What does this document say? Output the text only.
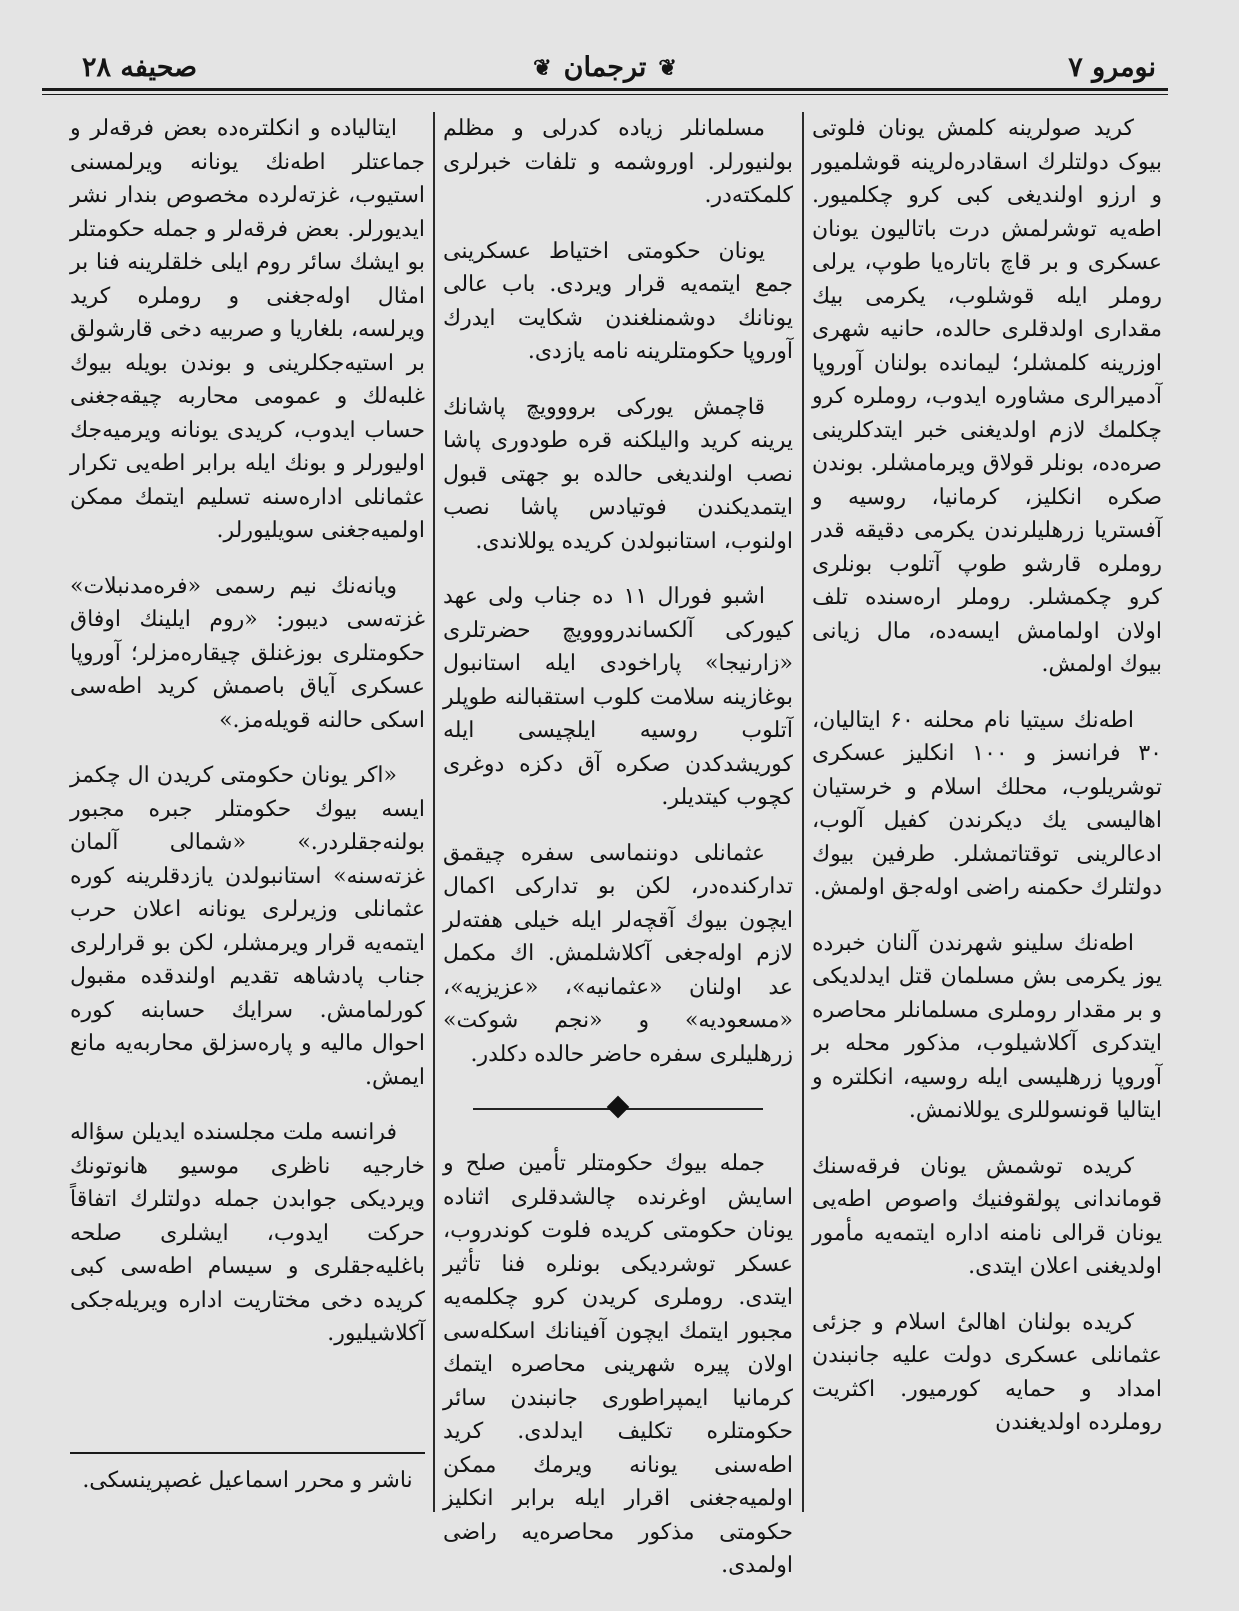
نومرو ۷
❦
ترجمان
❦
صحیفه ۲۸

کرید صولرینه کلمش یونان فلوتی بیوک دولتلرك اسقادره‌لرینه قوشلمیور و ارزو اولندیغی کبی کرو چکلمیور. اطه‌یه توشرلمش درت باتالیون یونان عسکری و بر قاچ باتاره‌یا طوپ، یرلی روملر ایله قوشلوب، یکرمی بیك مقداری اولدقلری حالده، حانیه شهری اوزرینه کلمشلر؛ لیمانده بولنان آوروپا آدمیرالری مشاوره ایدوب، روملره کرو چکلمك لازم اولدیغنی خبر ایتدکلرینی صره‌ده، بونلر قولاق ویرمامشلر. بوندن صکره انکلیز، کرمانیا، روسیه و آفستریا زرهلیلرندن یکرمی دقیقه قدر روملره قارشو طوپ آتلوب بونلری کرو چکمشلر. روملر اره‌سنده تلف اولان اولمامش ایسه‌ده، مال زیانی بیوك اولمش.

اطه‌نك سیتیا نام محلنه ۶۰ ایتالیان، ۳۰ فرانسز و ۱۰۰ انکلیز عسکری توشریلوب، محلك اسلام و خرستیان اهالیسی یك دیکرندن کفیل آلوب، ادعالرینی توقتاتمشلر. طرفین بیوك دولتلرك حکمنه راضی اوله‌جق اولمش.

اطه‌نك سلینو شهرندن آلنان خبرده یوز یکرمی بش مسلمان قتل ایدلدیکی و بر مقدار روملری مسلمانلر محاصره ایتدکری آکلاشیلوب، مذکور محله بر آوروپا زرهلیسی ایله روسیه، انکلتره و ایتالیا قونسوللری یوللانمش.

کریده توشمش یونان فرقه‌سنك قوماندانی پولقوفنیك واصوص اطه‌یی یونان قرالی نامنه اداره ایتمه‌یه مأمور اولدیغنی اعلان ایتدی.

کریده بولنان اهالیٔ اسلام و جزئی عثمانلی عسکری دولت علیه جانبندن امداد و حمایه کورمیور. اکثریت روملرده اولدیغندن

مسلمانلر زیاده کدرلی و مظلم بولنیورلر. اوروشمه و تلفات خبرلری کلمکته‌در.

یونان حکومتی اختیاط عسکرینی جمع ایتمه‌یه قرار ویردی. باب عالی یونانك دوشمنلغندن شکایت ایدرك آوروپا حکومتلرینه نامه یازدی.

قاچمش یورکی برووویچ پاشانك یرینه کرید والیلکنه قره طودوری پاشا نصب اولندیغی حالده بو جهتی قبول ایتمدیکندن فوتیادس پاشا نصب اولنوب، استانبولدن کریده یوللاندی.

اشبو فورال ۱۱ ده جناب ولی عهد کیورکی آلکساندرووویچ حضرتلری «زارنیجا» پاراخودی ایله استانبول بوغازینه سلامت کلوب استقبالنه طوپلر آتلوب روسیه ایلچیسی ایله کوریشدکدن صکره آق دکزه دوغری کچوب کیتدیلر.

عثمانلی دوننماسی سفره چیقمق تداركنده‌در، لکن بو تداركی اکمال ایچون بیوك آقچه‌لر ایله خیلی هفته‌لر لازم اوله‌جغی آکلاشلمش. اك مکمل عد اولنان «عثمانیه»، «عزیزیه»، «مسعودیه» و «نجم شوکت» زرهلیلری سفره حاضر حالده دکلدر.

جمله بیوك حکومتلر تأمین صلح و اسایش اوغرنده چالشدقلری اثناده یونان حکومتی کریده فلوت کوندروب، عسکر توشردیکی بونلره فنا تأثیر ایتدی. روملری کریدن کرو چکلمه‌یه مجبور ایتمك ایچون آفینانك اسکله‌سی اولان پیره شهرینی محاصره ایتمك کرمانیا ایمپراطوری جانبندن سائر حکومتلره تکلیف ایدلدی. کرید اطه‌سنی یونانه ویرمك ممکن اولمیه‌جغنی اقرار ایله برابر انکلیز حکومتی مذکور محاصره‌یه راضی اولمدی.

ایتالیاده و انکلتره‌ده بعض فرقه‌لر و جماعتلر اطه‌نك یونانه ویرلمسنی استیوب، غزته‌لرده مخصوص بندار نشر ایدیورلر. بعض فرقه‌لر و جمله حکومتلر بو ایشك سائر روم ایلی خلقلرینه فنا بر امثال اوله‌جغنی و روملره کرید ویرلسه، بلغاریا و صربیه دخی قارشولق بر استیه‌جکلرینی و بوندن بویله بیوك غلبه‌لك و عمومی محاربه چیقه‌جغنی حساب ایدوب، کریدی یونانه ویرمیه‌جك اولیورلر و بونك ایله برابر اطه‌یی تکرار عثمانلی اداره‌سنه تسلیم ایتمك ممکن اولمیه‌جغنی سویلیورلر.

ویانه‌نك نیم رسمی «فره‌مدنبلات» غزته‌سی دیبور: «روم ایلینك اوفاق حکومتلری بوزغنلق چیقاره‌مزلر؛ آوروپا عسکری آیاق باصمش کرید اطه‌سی اسکی حالنه قویله‌مز.»

«اکر یونان حکومتی کریدن ال چکمز ایسه بیوك حکومتلر جبره مجبور بولنه‌جقلردر.» «شمالی آلمان غزته‌سنه» استانبولدن یازدقلرینه کوره عثمانلی وزیرلری یونانه اعلان حرب ایتمه‌یه قرار ویرمشلر، لکن بو قرارلری جناب پادشاهه تقدیم اولندقده مقبول کورلمامش. سرایك حسابنه کوره احوال مالیه و پاره‌سزلق محاربه‌یه مانع ایمش.

فرانسه ملت مجلسنده ایدیلن سؤاله خارجیه ناظری موسیو هانوتونك ویردیکی جوابدن جمله دولتلرك اتفاقاً حرکت ایدوب، ایشلری صلحه باغلیه‌جقلری و سیسام اطه‌سی کبی کریده دخی مختاریت اداره ویریله‌جکی آکلاشیلیور.

ناشر و محرر اسماعیل غصپرینسکی.
